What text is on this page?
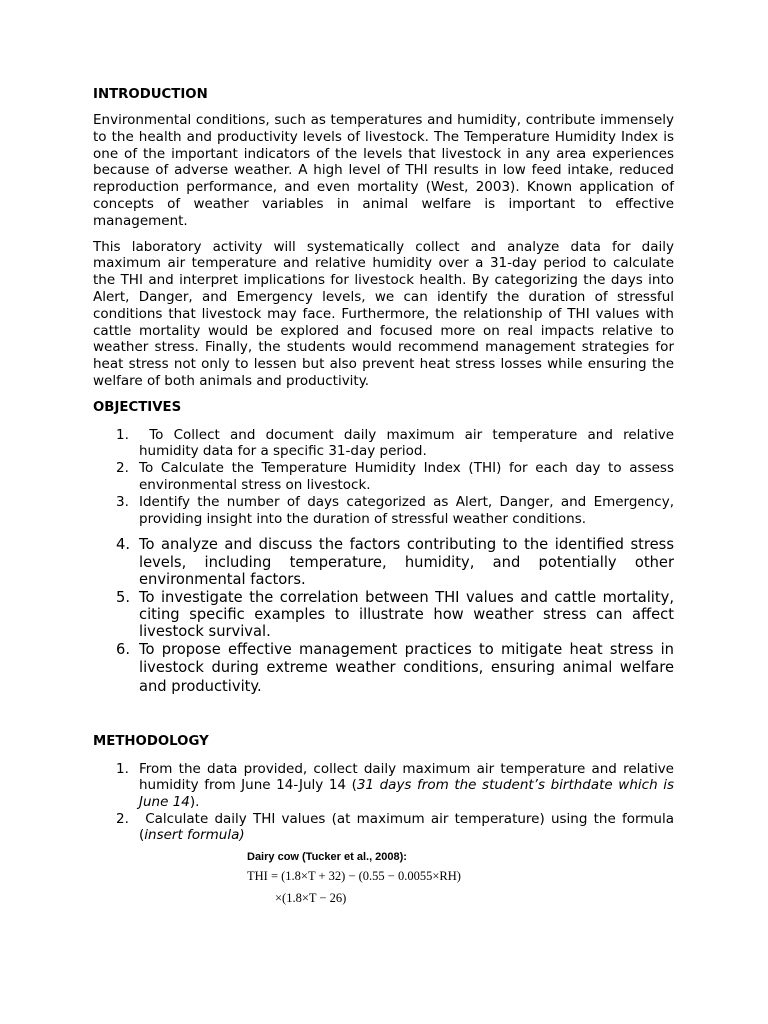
INTRODUCTION

Environmental conditions, such as temperatures and humidity, contribute immensely to the health and productivity levels of livestock. The Temperature Humidity Index is one of the important indicators of the levels that livestock in any area experiences because of adverse weather. A high level of THI results in low feed intake, reduced reproduction performance, and even mortality (West, 2003). Known application of concepts of weather variables in animal welfare is important to effective management.

This laboratory activity will systematically collect and analyze data for daily maximum air temperature and relative humidity over a 31-day period to calculate the THI and interpret implications for livestock health. By categorizing the days into Alert, Danger, and Emergency levels, we can identify the duration of stressful conditions that livestock may face. Furthermore, the relationship of THI values with cattle mortality would be explored and focused more on real impacts relative to weather stress. Finally, the students would recommend management strategies for heat stress not only to lessen but also prevent heat stress losses while ensuring the welfare of both animals and productivity.

OBJECTIVES
1. To Collect and document daily maximum air temperature and relative humidity data for a specific 31-day period.
2. To Calculate the Temperature Humidity Index (THI) for each day to assess environmental stress on livestock.
3. Identify the number of days categorized as Alert, Danger, and Emergency, providing insight into the duration of stressful weather conditions.
4. To analyze and discuss the factors contributing to the identified stress levels, including temperature, humidity, and potentially other environmental factors.
5. To investigate the correlation between THI values and cattle mortality, citing specific examples to illustrate how weather stress can affect livestock survival.
6. To propose effective management practices to mitigate heat stress in livestock during extreme weather conditions, ensuring animal welfare and productivity.
METHODOLOGY
1. From the data provided, collect daily maximum air temperature and relative humidity from June 14-July 14 (31 days from the student’s birthdate which is June 14).
2. Calculate daily THI values (at maximum air temperature) using the formula (insert formula)
Dairy cow (Tucker et al., 2008):
THI = (1.8×T + 32) − (0.55 − 0.0055×RH)
×(1.8×T − 26)
